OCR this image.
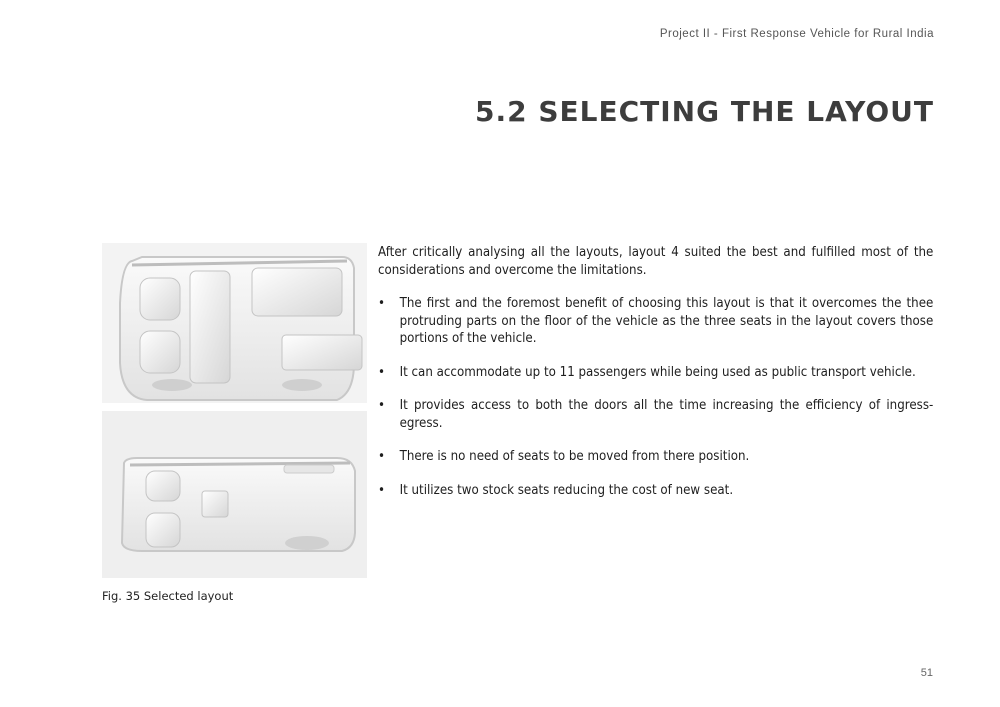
Project II - First Response Vehicle for Rural India
5.2 SELECTING THE LAYOUT
Fig. 35 Selected layout

After critically analysing all the layouts, layout 4 suited the best and fulfilled most of the considerations and overcome the limitations.

• The first and the foremost benefit of choosing this layout is that it overcomes the thee protruding parts on the floor of the vehicle as the three seats in the layout covers those portions of the vehicle.
• It can accommodate up to 11 passengers while being used as public transport vehicle.
• It provides access to both the doors all the time increasing the efficiency of ingress-egress.
• There is no need of seats to be moved from there position.
• It utilizes two stock seats reducing the cost of new seat.
51
